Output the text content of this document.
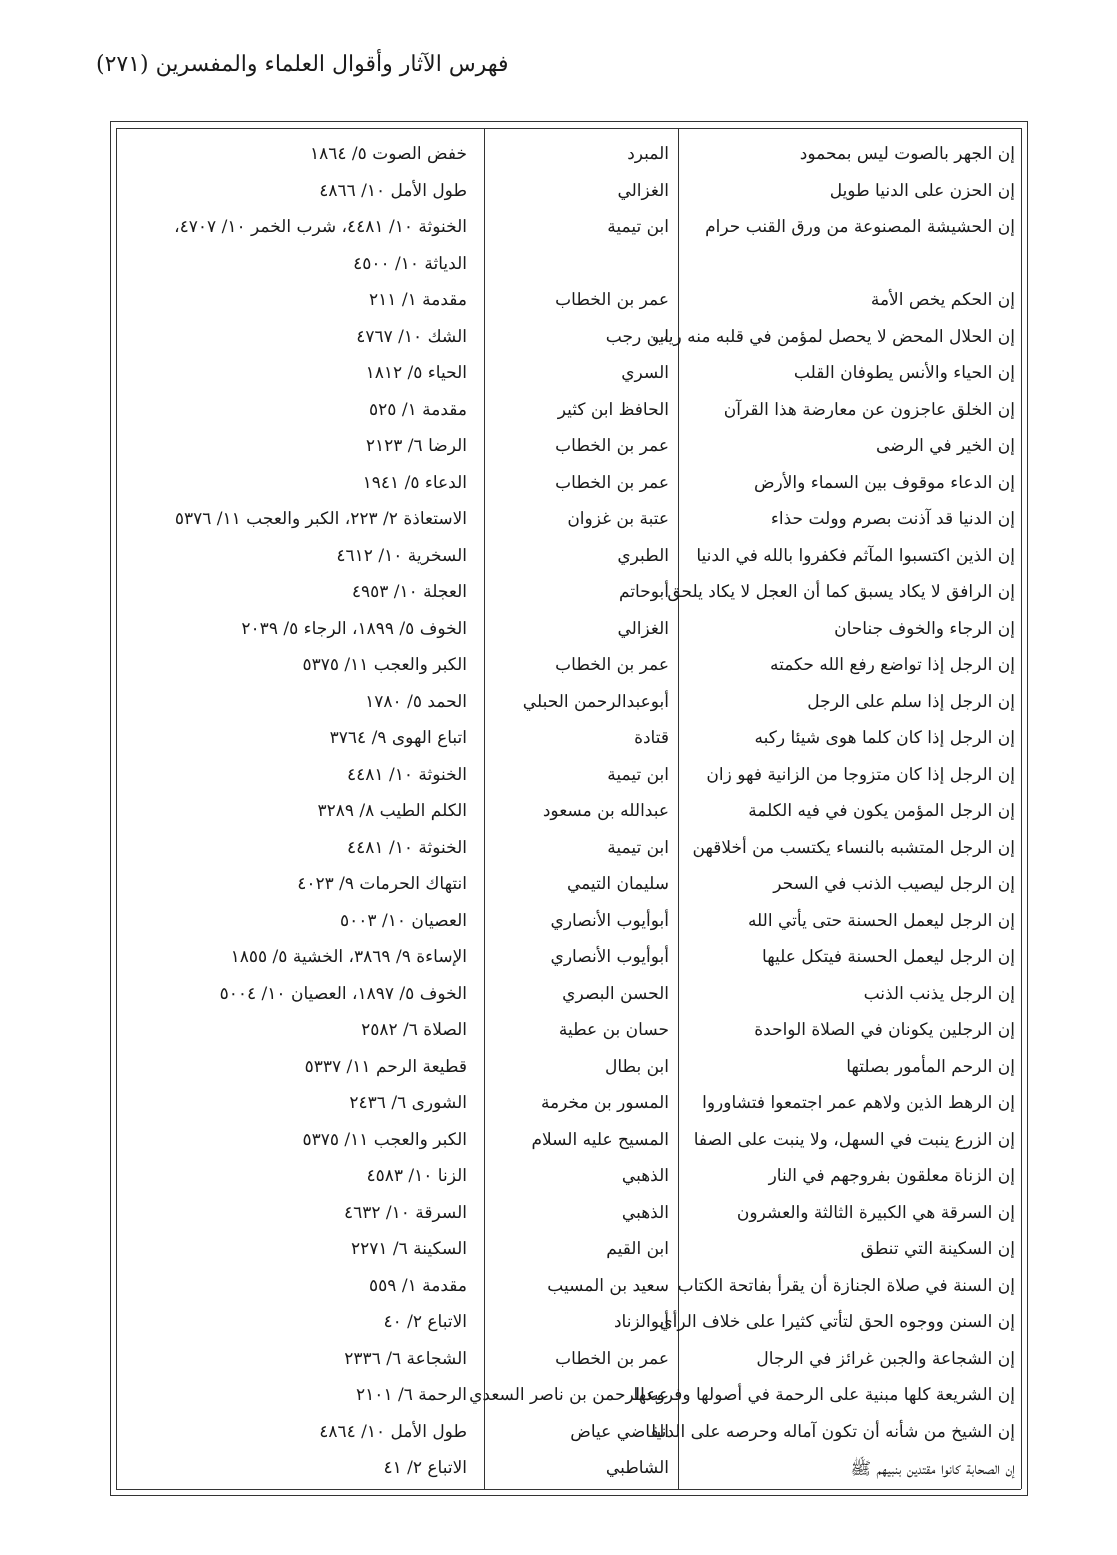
فهرس الآثار وأقوال العلماء والمفسرين (٢٧١)
إن الجهر بالصوت ليس بمحمود
المبرد
خفض الصوت ٥/ ١٨٦٤
إن الحزن على الدنيا طويل
الغزالي
طول الأمل ١٠/ ٤٨٦٦
إن الحشيشة المصنوعة من ورق القنب حرام
ابن تيمية
الخنوثة ١٠/ ٤٤٨١، شرب الخمر ١٠/ ٤٧٠٧،
الدياثة ١٠/ ٤٥٠٠
إن الحكم يخص الأمة
عمر بن الخطاب
مقدمة ١/ ٢١١
إن الحلال المحض لا يحصل لمؤمن في قلبه منه ريب
ابن رجب
الشك ١٠/ ٤٧٦٧
إن الحياء والأنس يطوفان القلب
السري
الحياء ٥/ ١٨١٢
إن الخلق عاجزون عن معارضة هذا القرآن
الحافظ ابن كثير
مقدمة ١/ ٥٢٥
إن الخير في الرضى
عمر بن الخطاب
الرضا ٦/ ٢١٢٣
إن الدعاء موقوف بين السماء والأرض
عمر بن الخطاب
الدعاء ٥/ ١٩٤١
إن الدنيا قد آذنت بصرم وولت حذاء
عتبة بن غزوان
الاستعاذة ٢/ ٢٢٣، الكبر والعجب ١١/ ٥٣٧٦
إن الذين اكتسبوا المآثم فكفروا بالله في الدنيا
الطبري
السخرية ١٠/ ٤٦١٢
إن الرافق لا يكاد يسبق كما أن العجل لا يكاد يلحق
أبوحاتم
العجلة ١٠/ ٤٩٥٣
إن الرجاء والخوف جناحان
الغزالي
الخوف ٥/ ١٨٩٩، الرجاء ٥/ ٢٠٣٩
إن الرجل إذا تواضع رفع الله حكمته
عمر بن الخطاب
الكبر والعجب ١١/ ٥٣٧٥
إن الرجل إذا سلم على الرجل
أبوعبدالرحمن الحبلي
الحمد ٥/ ١٧٨٠
إن الرجل إذا كان كلما هوى شيئا ركبه
قتادة
اتباع الهوى ٩/ ٣٧٦٤
إن الرجل إذا كان متزوجا من الزانية فهو زان
ابن تيمية
الخنوثة ١٠/ ٤٤٨١
إن الرجل المؤمن يكون في فيه الكلمة
عبدالله بن مسعود
الكلم الطيب ٨/ ٣٢٨٩
إن الرجل المتشبه بالنساء يكتسب من أخلاقهن
ابن تيمية
الخنوثة ١٠/ ٤٤٨١
إن الرجل ليصيب الذنب في السحر
سليمان التيمي
انتهاك الحرمات ٩/ ٤٠٢٣
إن الرجل ليعمل الحسنة حتى يأتي الله
أبوأيوب الأنصاري
العصيان ١٠/ ٥٠٠٣
إن الرجل ليعمل الحسنة فيتكل عليها
أبوأيوب الأنصاري
الإساءة ٩/ ٣٨٦٩، الخشية ٥/ ١٨٥٥
إن الرجل يذنب الذنب
الحسن البصري
الخوف ٥/ ١٨٩٧، العصيان ١٠/ ٥٠٠٤
إن الرجلين يكونان في الصلاة الواحدة
حسان بن عطية
الصلاة ٦/ ٢٥٨٢
إن الرحم المأمور بصلتها
ابن بطال
قطيعة الرحم ١١/ ٥٣٣٧
إن الرهط الذين ولاهم عمر اجتمعوا فتشاوروا
المسور بن مخرمة
الشورى ٦/ ٢٤٣٦
إن الزرع ينبت في السهل، ولا ينبت على الصفا
المسيح عليه السلام
الكبر والعجب ١١/ ٥٣٧٥
إن الزناة معلقون بفروجهم في النار
الذهبي
الزنا ١٠/ ٤٥٨٣
إن السرقة هي الكبيرة الثالثة والعشرون
الذهبي
السرقة ١٠/ ٤٦٣٢
إن السكينة التي تنطق
ابن القيم
السكينة ٦/ ٢٢٧١
إن السنة في صلاة الجنازة أن يقرأ بفاتحة الكتاب
سعيد بن المسيب
مقدمة ١/ ٥٥٩
إن السنن ووجوه الحق لتأتي كثيرا على خلاف الرأي
أبوالزناد
الاتباع ٢/ ٤٠
إن الشجاعة والجبن غرائز في الرجال
عمر بن الخطاب
الشجاعة ٦/ ٢٣٣٦
إن الشريعة كلها مبنية على الرحمة في أصولها وفروعها
عبدالرحمن بن ناصر السعدي
الرحمة ٦/ ٢١٠١
إن الشيخ من شأنه أن تكون آماله وحرصه على الدنيا
القاضي عياض
طول الأمل ١٠/ ٤٨٦٤
إن الصحابة كانوا مقتدين بنبيهم ﷺ
الشاطبي
الاتباع ٢/ ٤١
